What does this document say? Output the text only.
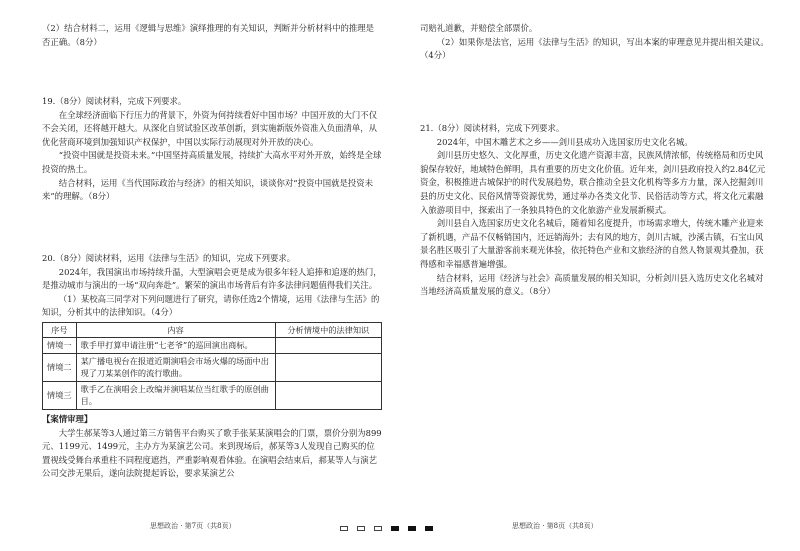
（2）结合材料二，运用《逻辑与思维》演绎推理的有关知识，判断并分析材料中的推理是否正确。（8分）

19.（8分）阅读材料，完成下列要求。

在全球经济面临下行压力的背景下，外资为何持续看好中国市场？中国开放的大门不仅不会关闭，还将越开越大。从深化自贸试验区改革创新，到实施新版外资准入负面清单，从优化营商环境到加强知识产权保护，中国以实际行动展现对外开放的决心。

“投资中国就是投资未来。”中国坚持高质量发展，持续扩大高水平对外开放，始终是全球投资的热土。

结合材料，运用《当代国际政治与经济》的相关知识，谈谈你对“投资中国就是投资未来”的理解。（8分）

20.（8分）阅读材料，运用《法律与生活》的知识，完成下列要求。

2024年，我国演出市场持续升温，大型演唱会更是成为很多年轻人追捧和追逐的热门，是推动城市与演出的一场“双向奔赴”。繁荣的演出市场背后有许多法律问题值得我们关注。

（1）某校高三同学对下列问题进行了研究，请你任选2个情境，运用《法律与生活》的知识，分析其中的法律知识。（4分）

序号	内容	分析情境中的法律知识
情境一	歌手甲打算申请注册“七老爷”的巡回演出商标。	
情境二	某广播电视台在报道近期演唱会市场火爆的场面中出现了刀某某创作的流行歌曲。	
情境三	歌手乙在演唱会上改编并演唱某位当红歌手的原创曲目。	

【案情审理】

大学生郝某等3人通过第三方销售平台购买了歌手张某某演唱会的门票，票价分别为899元、1199元、1499元，主办方为某演艺公司。来到现场后，郝某等3人发现自己购买的位置视线受舞台承重柱不同程度遮挡，严重影响观看体验。在演唱会结束后，郝某等人与演艺公司交涉无果后，遂向法院提起诉讼，要求某演艺公

思想政治 · 第7页（共8页）

司赔礼道歉，并赔偿全部票价。

（2）如果你是法官，运用《法律与生活》的知识，写出本案的审理意见并提出相关建议。（4分）

21.（8分）阅读材料，完成下列要求。

2024年，中国木雕艺术之乡——剑川县成功入选国家历史文化名城。

剑川县历史悠久、文化厚重，历史文化遗产资源丰富，民族风情浓郁，传统格局和历史风貌保存较好，地域特色鲜明，具有重要的历史文化价值。近年来，剑川县政府投入约2.84亿元资金，积极推进古城保护的时代发展趋势，联合推动全县文化机构等多方力量，深入挖掘剑川县的历史文化、民俗风情等资源优势，通过举办各类文化节、民俗活动等方式，将文化元素融入旅游项目中，探索出了一条独具特色的文化旅游产业发展新模式。

剑川县自入选国家历史文化名城后，随着知名度提升，市场需求增大，传统木雕产业迎来了新机遇，产品不仅畅销国内，还远销海外；去有风的地方，剑川古城，沙溪古镇，石宝山风景名胜区吸引了大量游客前来观光体验，依托特色产业和文旅经济的自然人物景观其叠加，获得感和幸福感普遍增强。

结合材料，运用《经济与社会》高质量发展的相关知识，分析剑川县入选历史文化名城对当地经济高质量发展的意义。（8分）

思想政治 · 第8页（共8页）
